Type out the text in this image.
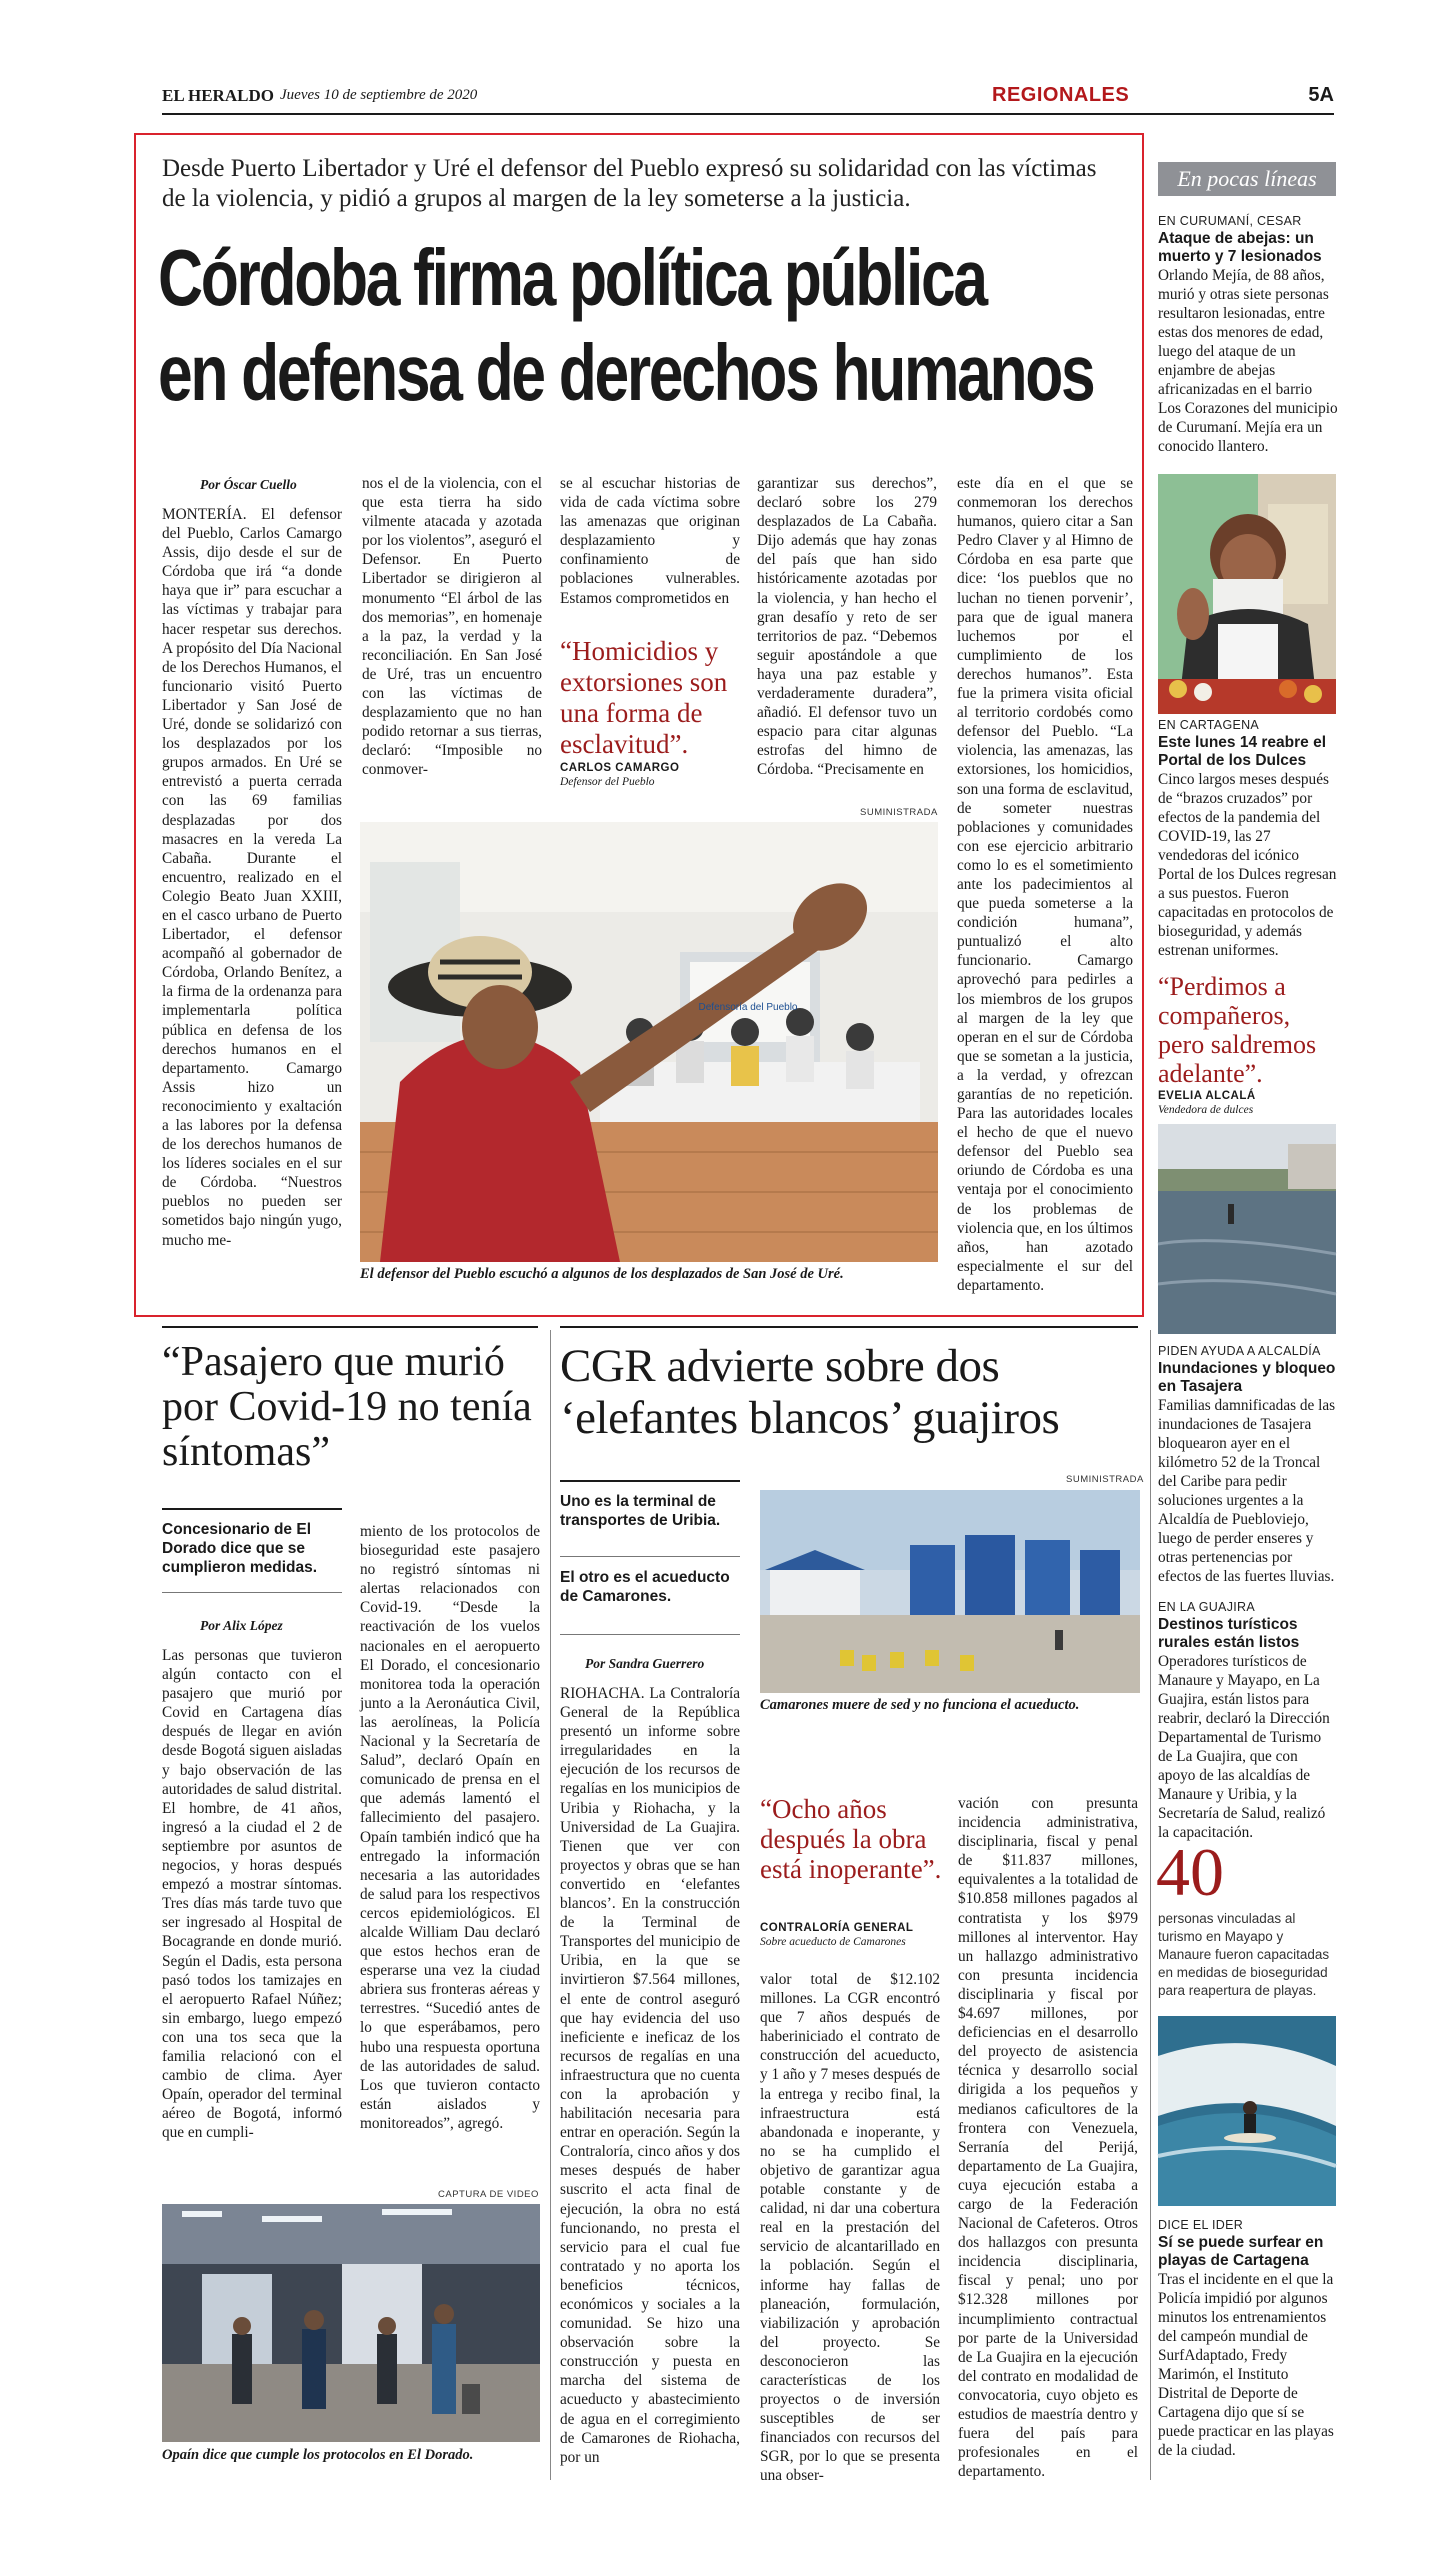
EL HERALDO Jueves 10 de septiembre de 2020	REGIONALES	5A
Desde Puerto Libertador y Uré el defensor del Pueblo expresó su solidaridad con las víctimas de la violencia, y pidió a grupos al margen de la ley someterse a la justicia.
Córdoba firma política pública
en defensa de derechos humanos
Por Óscar Cuello
MONTERÍA. El defensor del Pueblo, Carlos Camargo Assis, dijo desde el sur de Córdoba que irá “a donde haya que ir” para escuchar a las víctimas y trabajar para hacer respetar sus derechos. A propósito del Día Nacional de los Derechos Humanos, el funcionario visitó Puerto Libertador y San José de Uré, donde se solidarizó con los desplazados por los grupos armados. En Uré se entrevistó a puerta cerrada con las 69 familias desplazadas por dos masacres en la vereda La Cabaña. Durante el encuentro, realizado en el Colegio Beato Juan XXIII, en el casco urbano de Puerto Libertador, el defensor acompañó al gobernador de Córdoba, Orlando Benítez, a la firma de la ordenanza para implementarla política pública en defensa de los derechos humanos en el departamento. Camargo Assis hizo un reconocimiento y exaltación a las labores por la defensa de los derechos humanos de los líderes sociales en el sur de Córdoba. “Nuestros pueblos no pueden ser sometidos bajo ningún yugo, mucho me-
nos el de la violencia, con el que esta tierra ha sido vilmente atacada y azotada por los violentos”, aseguró el Defensor. En Puerto Libertador se dirigieron al monumento “El árbol de las dos memorias”, en homenaje a la paz, la verdad y la reconciliación. En San José de Uré, tras un encuentro con las víctimas de desplazamiento que no han podido retornar a sus tierras, declaró: “Imposible no conmover-
se al escuchar historias de vida de cada víctima sobre las amenazas que originan desplazamiento y confinamiento de poblaciones vulnerables. Estamos comprometidos en
“Homicidios y extorsiones son una forma de esclavitud”.
CARLOS CAMARGO
Defensor del Pueblo
garantizar sus derechos”, declaró sobre los 279 desplazados de La Cabaña. Dijo además que hay zonas del país que han sido históricamente azotadas por la violencia, y han hecho el gran desafío y reto de ser territorios de paz. “Debemos seguir apostándole a que haya una paz estable y verdaderamente duradera”, añadió. El defensor tuvo un espacio para citar algunas estrofas del himno de Córdoba. “Precisamente en
este día en el que se conmemoran los derechos humanos, quiero citar a San Pedro Claver y al Himno de Córdoba en esa parte que dice: ‘los pueblos que no luchan no tienen porvenir’, para que de igual manera luchemos por el cumplimiento de los derechos humanos”. Esta fue la primera visita oficial al territorio cordobés como defensor del Pueblo. “La violencia, las amenazas, las extorsiones, los homicidios, son una forma de esclavitud, de someter nuestras poblaciones y comunidades con ese ejercicio arbitrario como lo es el sometimiento ante los padecimientos al que pueda someterse a la condición humana”, puntualizó el alto funcionario. Camargo aprovechó para pedirles a los miembros de los grupos al margen de la ley que operan en el sur de Córdoba que se sometan a la justicia, a la verdad, y ofrezcan garantías de no repetición. Para las autoridades locales el hecho de que el nuevo defensor del Pueblo sea oriundo de Córdoba es una ventaja por el conocimiento de los problemas de violencia que, en los últimos años, han azotado especialmente el sur del departamento.
SUMINISTRADA
Defensoría del Pueblo
El defensor del Pueblo escuchó a algunos de los desplazados de San José de Uré.
En pocas líneas
EN CURUMANÍ, CESAR
Ataque de abejas: un muerto y 7 lesionados
Orlando Mejía, de 88 años, murió y otras siete personas resultaron lesionadas, entre estas dos menores de edad, luego del ataque de un enjambre de abejas africanizadas en el barrio Los Corazones del municipio de Curumaní. Mejía era un conocido llantero.
EN CARTAGENA
Este lunes 14 reabre el Portal de los Dulces
Cinco largos meses después de “brazos cruzados” por efectos de la pandemia del COVID-19, las 27 vendedoras del icónico Portal de los Dulces regresan a sus puestos. Fueron capacitadas en protocolos de bioseguridad, y además estrenan uniformes.
“Perdimos a compañeros, pero saldremos adelante”.
EVELIA ALCALÁ
Vendedora de dulces
PIDEN AYUDA A ALCALDÍA
Inundaciones y bloqueo en Tasajera
Familias damnificadas de las inundaciones de Tasajera bloquearon ayer en el kilómetro 52 de la Troncal del Caribe para pedir soluciones urgentes a la Alcaldía de Puebloviejo, luego de perder enseres y otras pertenencias por efectos de las fuertes lluvias.
EN LA GUAJIRA
Destinos turísticos rurales están listos
Operadores turísticos de Manaure y Mayapo, en La Guajira, están listos para reabrir, declaró la Dirección Departamental de Turismo de La Guajira, que con apoyo de las alcaldías de Manaure y Uribia, y la Secretaría de Salud, realizó la capacitación.
40
personas vinculadas al turismo en Mayapo y Manaure fueron capacitadas en medidas de bioseguridad para reapertura de playas.
DICE EL IDER
Sí se puede surfear en playas de Cartagena
Tras el incidente en el que la Policía impidió por algunos minutos los entrenamientos del campeón mundial de SurfAdaptado, Fredy Marimón, el Instituto Distrital de Deporte de Cartagena dijo que sí se puede practicar en las playas de la ciudad.
“Pasajero que murió por Covid-19 no tenía síntomas”
Concesionario de El Dorado dice que se cumplieron medidas.
Por Alix López
Las personas que tuvieron algún contacto con el pasajero que murió por Covid en Cartagena días después de llegar en avión desde Bogotá siguen aisladas y bajo observación de las autoridades de salud distrital. El hombre, de 41 años, ingresó a la ciudad el 2 de septiembre por asuntos de negocios, y horas después empezó a mostrar síntomas. Tres días más tarde tuvo que ser ingresado al Hospital de Bocagrande en donde murió. Según el Dadis, esta persona pasó todos los tamizajes en el aeropuerto Rafael Núñez; sin embargo, luego empezó con una tos seca que la familia relacionó con el cambio de clima. Ayer Opaín, operador del terminal aéreo de Bogotá, informó que en cumpli-
miento de los protocolos de bioseguridad este pasajero no registró síntomas ni alertas relacionados con Covid-19. “Desde la reactivación de los vuelos nacionales en el aeropuerto El Dorado, el concesionario monitorea toda la operación junto a la Aeronáutica Civil, las aerolíneas, la Policía Nacional y la Secretaría de Salud”, declaró Opaín en comunicado de prensa en el que además lamentó el fallecimiento del pasajero. Opaín también indicó que ha entregado la información necesaria a las autoridades de salud para los respectivos cercos epidemiológicos. El alcalde William Dau declaró que estos hechos eran de esperarse una vez la ciudad abriera sus fronteras aéreas y terrestres. “Sucedió antes de lo que esperábamos, pero hubo una respuesta oportuna de las autoridades de salud. Los que tuvieron contacto están aislados y monitoreados”, agregó.
CAPTURA DE VIDEO
Opaín dice que cumple los protocolos en El Dorado.
CGR advierte sobre dos ‘elefantes blancos’ guajiros
Uno es la terminal de transportes de Uribia.
El otro es el acueducto de Camarones.
Por Sandra Guerrero
SUMINISTRADA
Camarones muere de sed y no funciona el acueducto.
RIOHACHA. La Contraloría General de la República presentó un informe sobre irregularidades en la ejecución de los recursos de regalías en los municipios de Uribia y Riohacha, y la Universidad de La Guajira. Tienen que ver con proyectos y obras que se han convertido en ‘elefantes blancos’. En la construcción de la Terminal de Transportes del municipio de Uribia, en la que se invirtieron $7.564 millones, el ente de control aseguró que hay evidencia del uso ineficiente e ineficaz de los recursos de regalías en una infraestructura que no cuenta con la aprobación y habilitación necesaria para entrar en operación. Según la Contraloría, cinco años y dos meses después de haber suscrito el acta final de ejecución, la obra no está funcionando, no presta el servicio para el cual fue contratado y no aporta los beneficios técnicos, económicos y sociales a la comunidad. Se hizo una observación sobre la construcción y puesta en marcha del sistema de acueducto y abastecimiento de agua en el corregimiento de Camarones de Riohacha, por un
“Ocho años después la obra está inoperante”.
CONTRALORÍA GENERAL
Sobre acueducto de Camarones
valor total de $12.102 millones. La CGR encontró que 7 años después de haberiniciado el contrato de construcción del acueducto, y 1 año y 7 meses después de la entrega y recibo final, la infraestructura está abandonada e inoperante, y no se ha cumplido el objetivo de garantizar agua potable constante y de calidad, ni dar una cobertura real en la prestación del servicio de alcantarillado en la población. Según el informe hay fallas de planeación, formulación, viabilización y aprobación del proyecto. Se desconocieron las características de los proyectos o de inversión susceptibles de ser financiados con recursos del SGR, por lo que se presenta una obser-
vación con presunta incidencia administrativa, disciplinaria, fiscal y penal de $11.837 millones, equivalentes a la totalidad de $10.858 millones pagados al contratista y los $979 millones al interventor. Hay un hallazgo administrativo con presunta incidencia disciplinaria y fiscal por $4.697 millones, por deficiencias en el desarrollo del proyecto de asistencia técnica y desarrollo social dirigida a los pequeños y medianos caficultores de la frontera con Venezuela, Serranía del Perijá, departamento de La Guajira, cuya ejecución estaba a cargo de la Federación Nacional de Cafeteros. Otros dos hallazgos con presunta incidencia disciplinaria, fiscal y penal; uno por $12.328 millones por incumplimiento contractual por parte de la Universidad de La Guajira en la ejecución del contrato en modalidad de convocatoria, cuyo objeto es estudios de maestría dentro y fuera del país para profesionales en el departamento.
